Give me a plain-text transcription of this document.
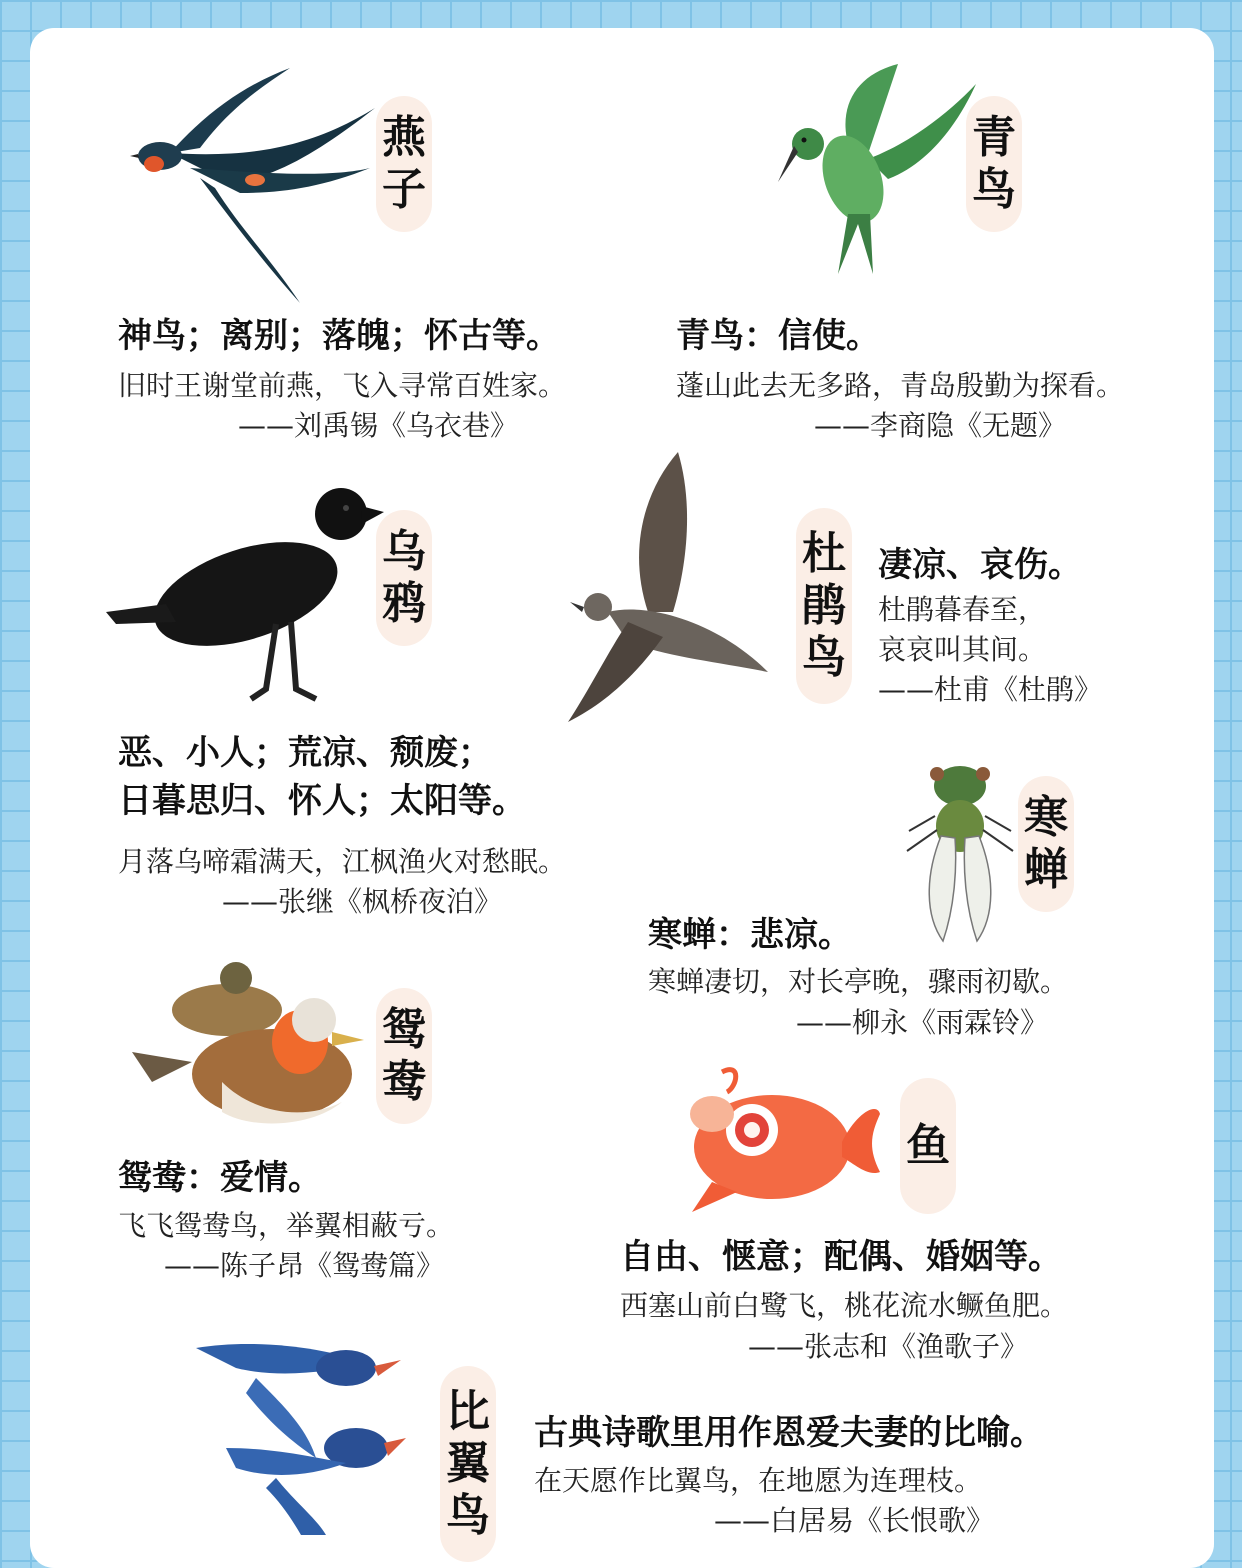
燕
子
神鸟；离别；落魄；怀古等。
旧时王谢堂前燕，飞入寻常百姓家。
——刘禹锡《乌衣巷》
青
鸟
青鸟：信使。
蓬山此去无多路，青岛殷勤为探看。
——李商隐《无题》
乌
鸦
恶、小人；荒凉、颓废；
日暮思归、怀人；太阳等。
月落乌啼霜满天，江枫渔火对愁眠。
——张继《枫桥夜泊》
杜
鹃
鸟
凄凉、哀伤。
杜鹃暮春至，
哀哀叫其间。
——杜甫《杜鹃》
寒
蝉
寒蝉：悲凉。
寒蝉凄切，对长亭晚，骤雨初歇。
——柳永《雨霖铃》
鸳
鸯
鸳鸯：爱情。
飞飞鸳鸯鸟，举翼相蔽亏。
——陈子昂《鸳鸯篇》
鱼
自由、惬意；配偶、婚姻等。
西塞山前白鹭飞，桃花流水鳜鱼肥。
——张志和《渔歌子》
比
翼
鸟
古典诗歌里用作恩爱夫妻的比喻。
在天愿作比翼鸟，在地愿为连理枝。
——白居易《长恨歌》
